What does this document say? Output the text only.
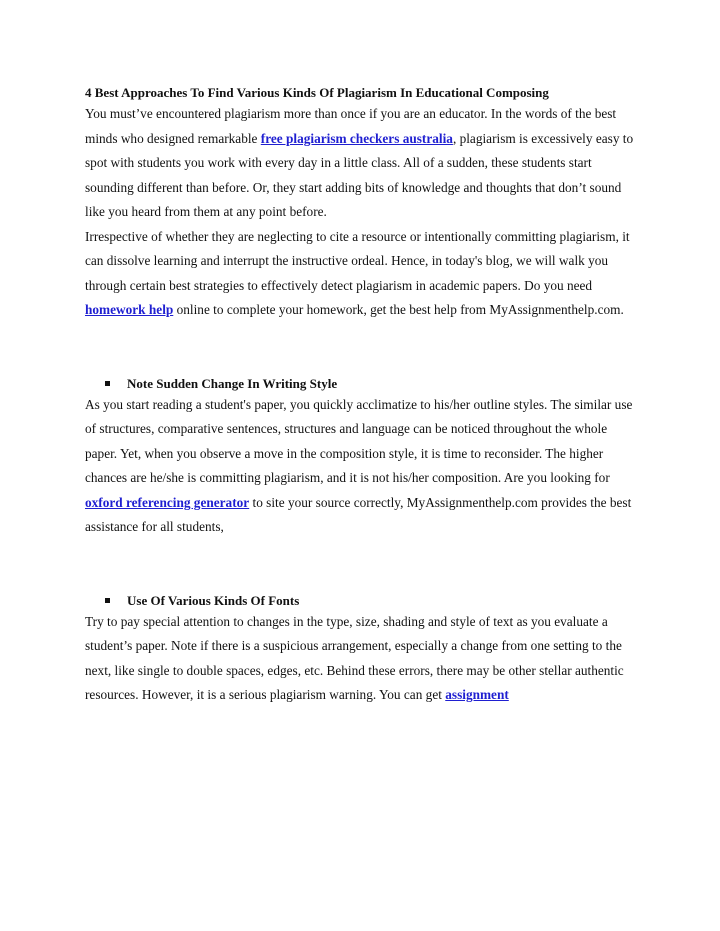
4 Best Approaches To Find Various Kinds Of Plagiarism In Educational Composing

You must’ve encountered plagiarism more than once if you are an educator. In the words of the best minds who designed remarkable free plagiarism checkers australia, plagiarism is excessively easy to spot with students you work with every day in a little class. All of a sudden, these students start sounding different than before. Or, they start adding bits of knowledge and thoughts that don’t sound like you heard from them at any point before.

Irrespective of whether they are neglecting to cite a resource or intentionally committing plagiarism, it can dissolve learning and interrupt the instructive ordeal. Hence, in today's blog, we will walk you through certain best strategies to effectively detect plagiarism in academic papers. Do you need homework help online to complete your homework, get the best help from MyAssignmenthelp.com.

Note Sudden Change In Writing Style

As you start reading a student's paper, you quickly acclimatize to his/her outline styles. The similar use of structures, comparative sentences, structures and language can be noticed throughout the whole paper. Yet, when you observe a move in the composition style, it is time to reconsider. The higher chances are he/she is committing plagiarism, and it is not his/her composition. Are you looking for oxford referencing generator to site your source correctly, MyAssignmenthelp.com provides the best assistance for all students,

Use Of Various Kinds Of Fonts

Try to pay special attention to changes in the type, size, shading and style of text as you evaluate a student’s paper. Note if there is a suspicious arrangement, especially a change from one setting to the next, like single to double spaces, edges, etc. Behind these errors, there may be other stellar authentic resources. However, it is a serious plagiarism warning. You can get assignment
